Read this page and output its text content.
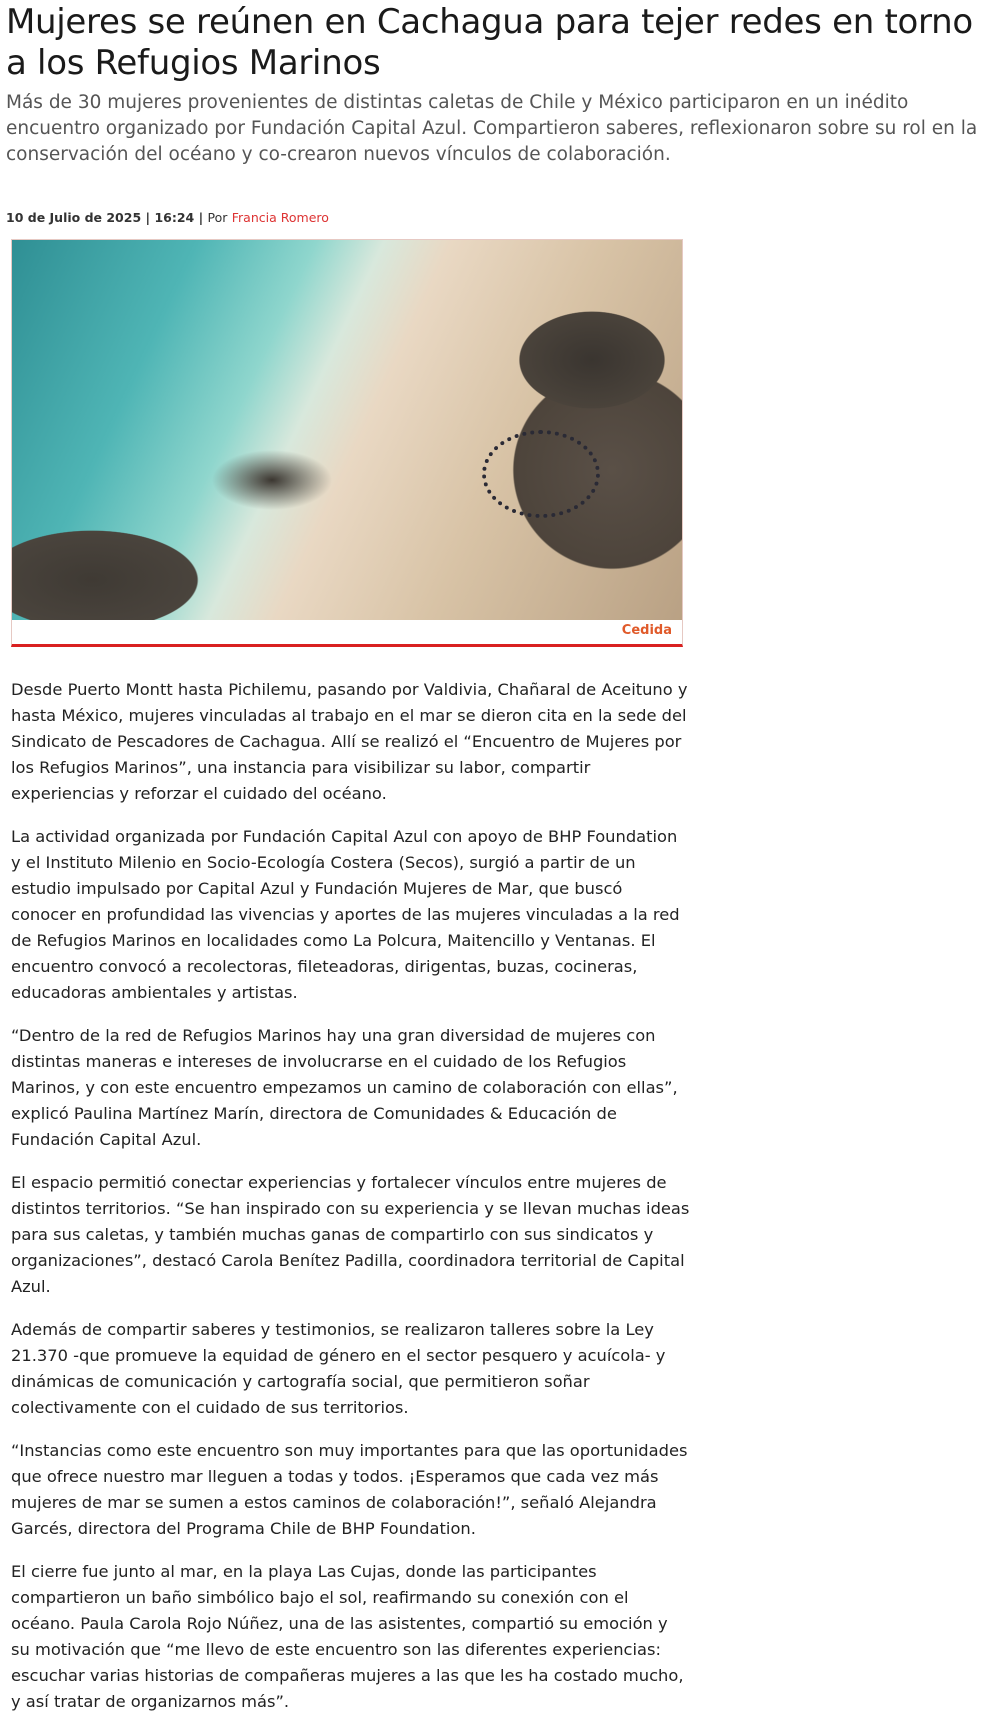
Mujeres se reúnen en Cachagua para tejer redes en torno a los Refugios Marinos

Más de 30 mujeres provenientes de distintas caletas de Chile y México participaron en un inédito encuentro organizado por Fundación Capital Azul. Compartieron saberes, reflexionaron sobre su rol en la conservación del océano y co-crearon nuevos vínculos de colaboración.

10 de Julio de 2025 | 16:24 | Por Francia Romero
Cedida

Desde Puerto Montt hasta Pichilemu, pasando por Valdivia, Chañaral de Aceituno y hasta México, mujeres vinculadas al trabajo en el mar se dieron cita en la sede del Sindicato de Pescadores de Cachagua. Allí se realizó el “Encuentro de Mujeres por los Refugios Marinos”, una instancia para visibilizar su labor, compartir experiencias y reforzar el cuidado del océano.

La actividad organizada por Fundación Capital Azul con apoyo de BHP Foundation y el Instituto Milenio en Socio-Ecología Costera (Secos), surgió a partir de un estudio impulsado por Capital Azul y Fundación Mujeres de Mar, que buscó conocer en profundidad las vivencias y aportes de las mujeres vinculadas a la red de Refugios Marinos en localidades como La Polcura, Maitencillo y Ventanas. El encuentro convocó a recolectoras, fileteadoras, dirigentas, buzas, cocineras, educadoras ambientales y artistas.

“Dentro de la red de Refugios Marinos hay una gran diversidad de mujeres con distintas maneras e intereses de involucrarse en el cuidado de los Refugios Marinos, y con este encuentro empezamos un camino de colaboración con ellas”, explicó Paulina Martínez Marín, directora de Comunidades & Educación de Fundación Capital Azul.

El espacio permitió conectar experiencias y fortalecer vínculos entre mujeres de distintos territorios. “Se han inspirado con su experiencia y se llevan muchas ideas para sus caletas, y también muchas ganas de compartirlo con sus sindicatos y organizaciones”, destacó Carola Benítez Padilla, coordinadora territorial de Capital Azul.

Además de compartir saberes y testimonios, se realizaron talleres sobre la Ley 21.370 -que promueve la equidad de género en el sector pesquero y acuícola- y dinámicas de comunicación y cartografía social, que permitieron soñar colectivamente con el cuidado de sus territorios.

“Instancias como este encuentro son muy importantes para que las oportunidades que ofrece nuestro mar lleguen a todas y todos. ¡Esperamos que cada vez más mujeres de mar se sumen a estos caminos de colaboración!”, señaló Alejandra Garcés, directora del Programa Chile de BHP Foundation.

El cierre fue junto al mar, en la playa Las Cujas, donde las participantes compartieron un baño simbólico bajo el sol, reafirmando su conexión con el océano. Paula Carola Rojo Núñez, una de las asistentes, compartió su emoción y su motivación que “me llevo de este encuentro son las diferentes experiencias: escuchar varias historias de compañeras mujeres a las que les ha costado mucho, y así tratar de organizarnos más”.
